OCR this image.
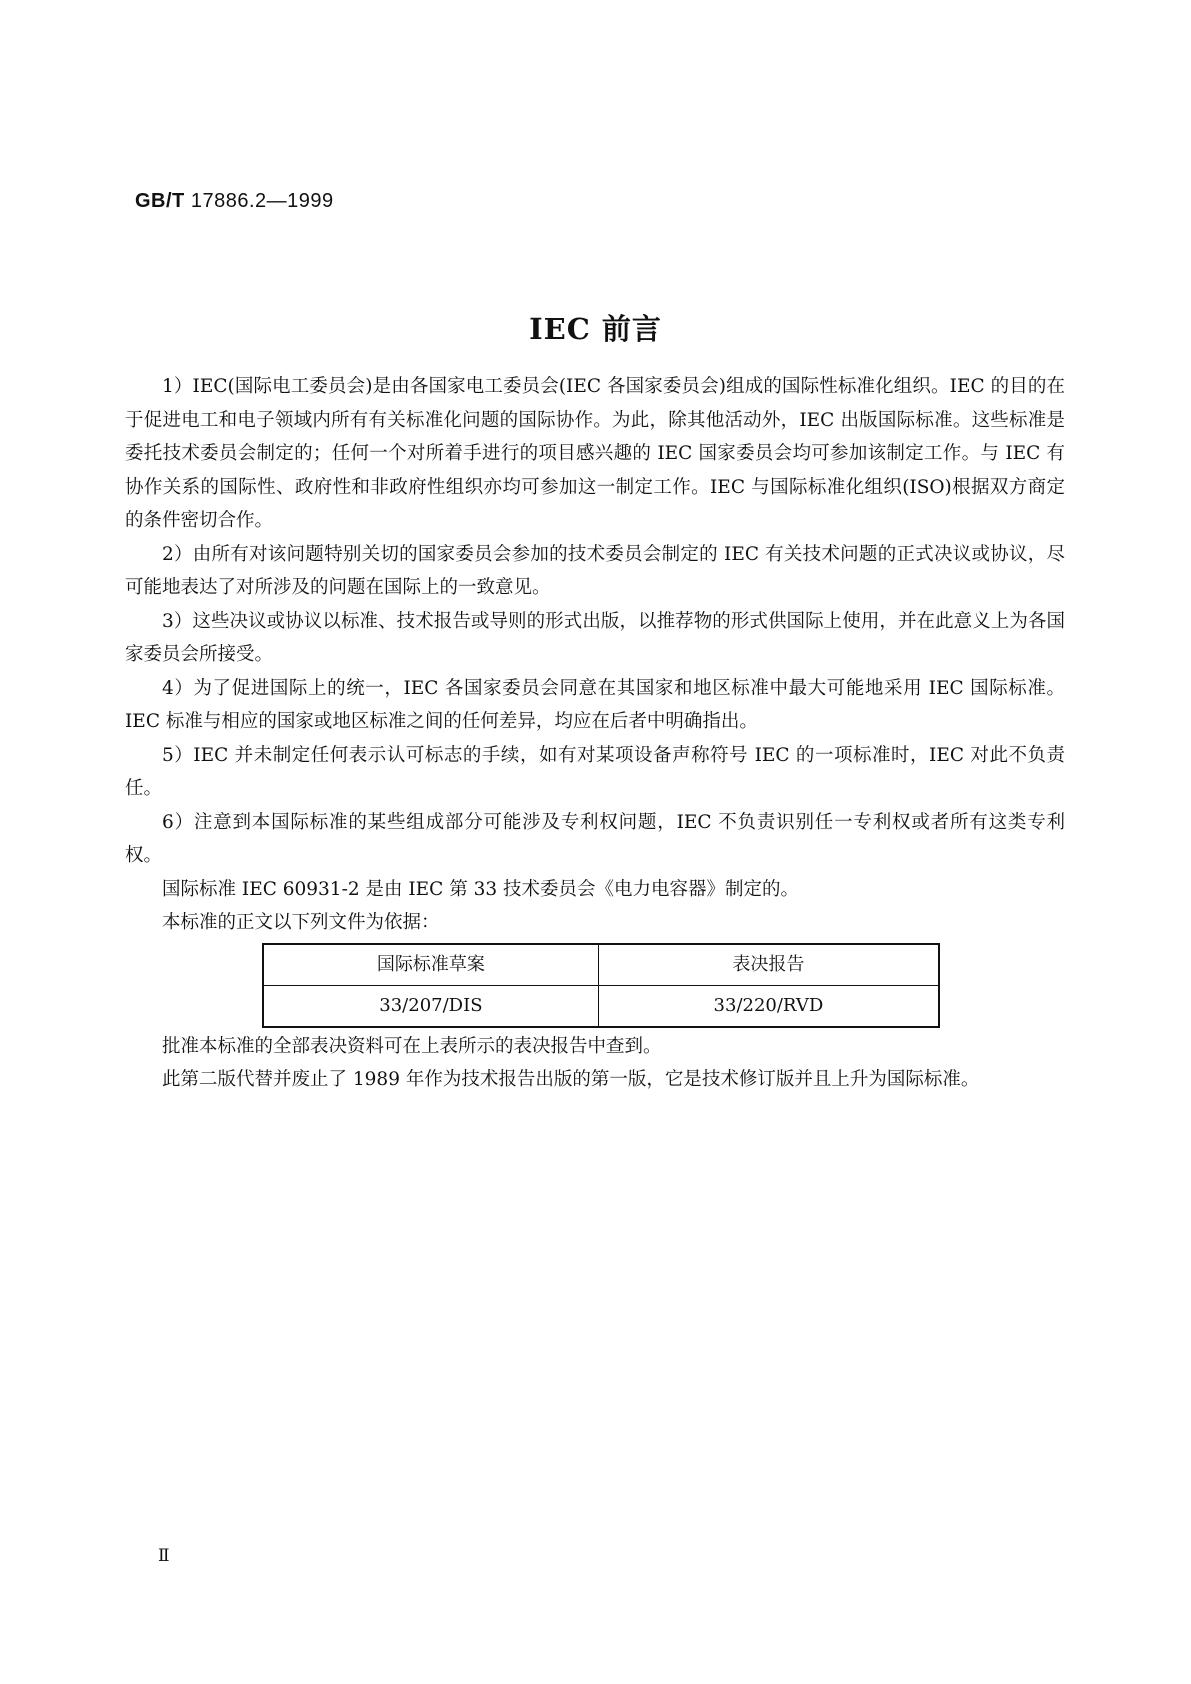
GB/T 17886.2—1999
IEC 前言

1）IEC(国际电工委员会)是由各国家电工委员会(IEC 各国家委员会)组成的国际性标准化组织。IEC 的目的在于促进电工和电子领域内所有有关标准化问题的国际协作。为此，除其他活动外，IEC 出版国际标准。这些标准是委托技术委员会制定的；任何一个对所着手进行的项目感兴趣的 IEC 国家委员会均可参加该制定工作。与 IEC 有协作关系的国际性、政府性和非政府性组织亦均可参加这一制定工作。IEC 与国际标准化组织(ISO)根据双方商定的条件密切合作。

2）由所有对该问题特别关切的国家委员会参加的技术委员会制定的 IEC 有关技术问题的正式决议或协议，尽可能地表达了对所涉及的问题在国际上的一致意见。

3）这些决议或协议以标准、技术报告或导则的形式出版，以推荐物的形式供国际上使用，并在此意义上为各国家委员会所接受。

4）为了促进国际上的统一，IEC 各国家委员会同意在其国家和地区标准中最大可能地采用 IEC 国际标准。IEC 标准与相应的国家或地区标准之间的任何差异，均应在后者中明确指出。

5）IEC 并未制定任何表示认可标志的手续，如有对某项设备声称符号 IEC 的一项标准时，IEC 对此不负责任。

6）注意到本国际标准的某些组成部分可能涉及专利权问题，IEC 不负责识别任一专利权或者所有这类专利权。

国际标准 IEC 60931-2 是由 IEC 第 33 技术委员会《电力电容器》制定的。

本标准的正文以下列文件为依据：

国际标准草案	表决报告
33/207/DIS	33/220/RVD

批准本标准的全部表决资料可在上表所示的表决报告中查到。

此第二版代替并废止了 1989 年作为技术报告出版的第一版，它是技术修订版并且上升为国际标准。

Ⅱ
